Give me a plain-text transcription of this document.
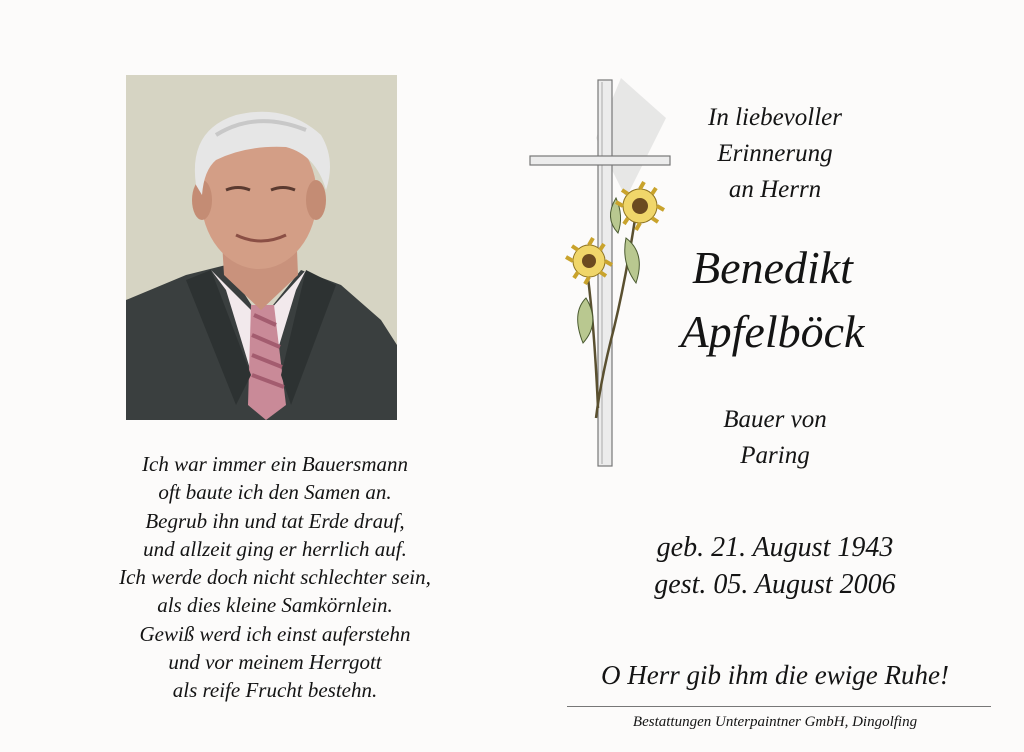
Ich war immer ein Bauersmann
oft baute ich den Samen an.
Begrub ihn und tat Erde drauf,
und allzeit ging er herrlich auf.
Ich werde doch nicht schlechter sein,
als dies kleine Samkörnlein.
Gewiß werd ich einst auferstehn
und vor meinem Herrgott
als reife Frucht bestehn.
In liebevoller
Erinnerung
an Herrn
Benedikt
Apfelböck
Bauer von
Paring
geb. 21. August 1943
gest. 05. August 2006
O Herr gib ihm die ewige Ruhe!
Bestattungen Unterpaintner GmbH, Dingolfing
